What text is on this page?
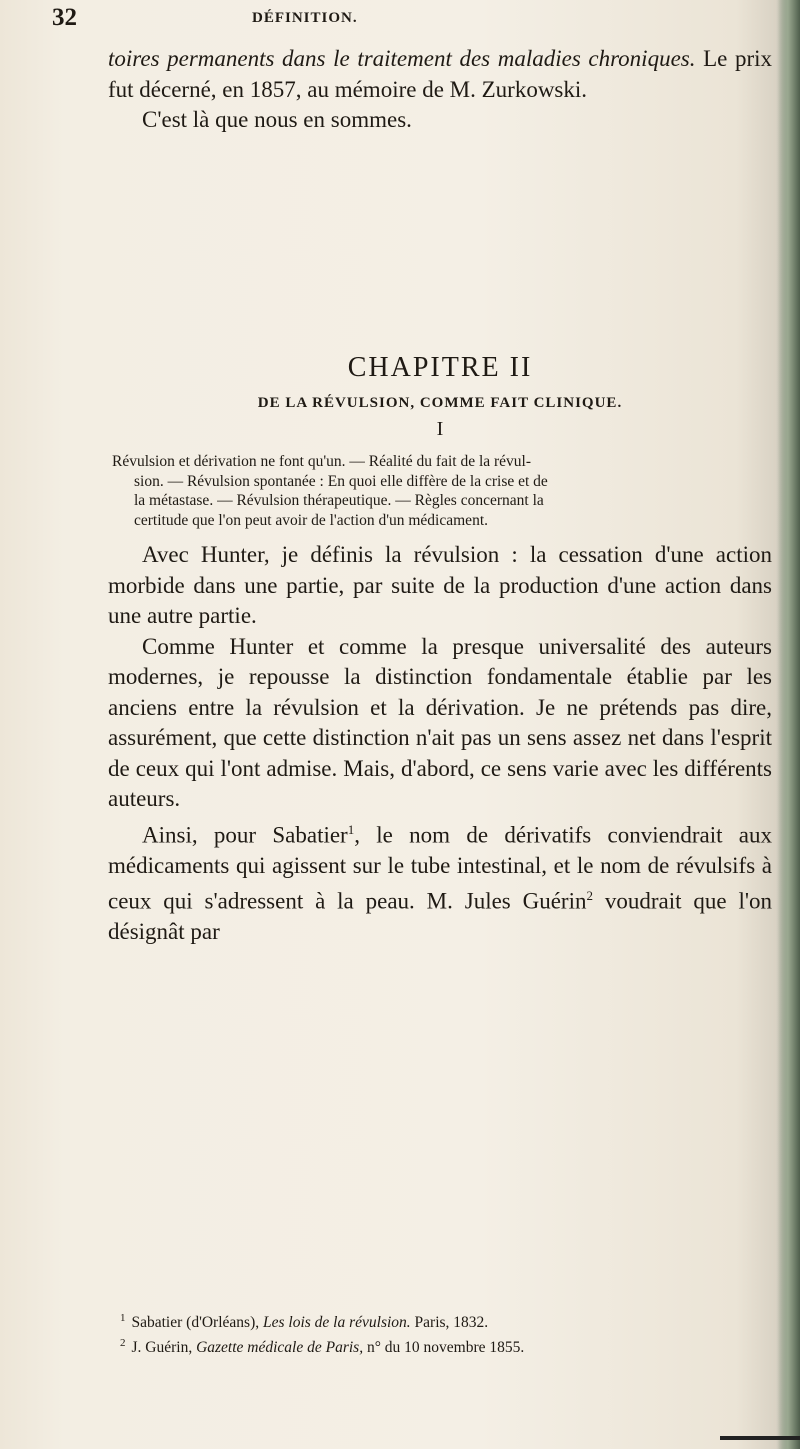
32	DÉFINITION.

toires permanents dans le traitement des maladies chroniques. Le prix fut décerné, en 1857, au mémoire de M. Zurkowski.

C'est là que nous en sommes.

CHAPITRE II
DE LA RÉVULSION, COMME FAIT CLINIQUE.
I

Révulsion et dérivation ne font qu'un. — Réalité du fait de la révul-

sion. — Révulsion spontanée : En quoi elle diffère de la crise et de

la métastase. — Révulsion thérapeutique. — Règles concernant la

certitude que l'on peut avoir de l'action d'un médicament.

Avec Hunter, je définis la révulsion : la cessation d'une action morbide dans une partie, par suite de la production d'une action dans une autre partie.

Comme Hunter et comme la presque universalité des auteurs modernes, je repousse la distinction fondamentale établie par les anciens entre la révulsion et la dérivation. Je ne prétends pas dire, assurément, que cette distinction n'ait pas un sens assez net dans l'esprit de ceux qui l'ont admise. Mais, d'abord, ce sens varie avec les différents auteurs.

Ainsi, pour Sabatier$^1$, le nom de dérivatifs conviendrait aux médicaments qui agissent sur le tube intestinal, et le nom de révulsifs à ceux qui s'adressent à la peau. M. Jules Guérin$^2$ voudrait que l'on désignât par

$^1$ Sabatier (d'Orléans), Les lois de la révulsion. Paris, 1832.

$^2$ J. Guérin, Gazette médicale de Paris, n° du 10 novembre 1855.
